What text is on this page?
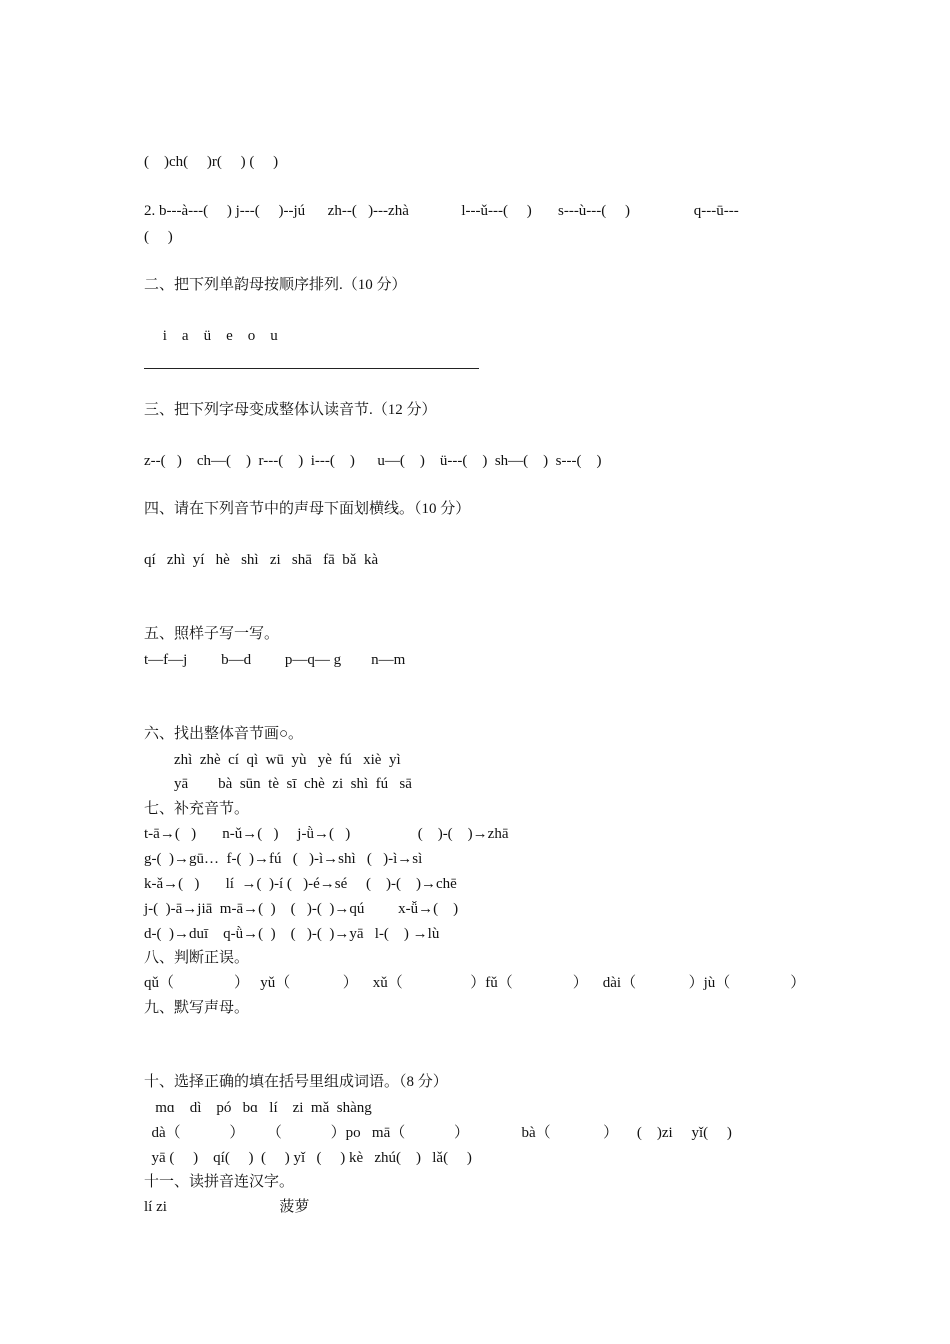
(    )ch(     )r(     ) (     )
2. b---à---(     ) j---(     )--jú      zh--(   )---zhà              l---ǔ---(     )       s---ù---(     )                 q---ū---
(     )
二、把下列单韵母按顺序排列.（10 分）
i    a    ü    e    o    u
三、把下列字母变成整体认读音节.（12 分）
z--(   )    ch—(    )  r---(    )  i---(    )      u—(    )    ü---(    )  sh—(    )  s---(    )
四、请在下列音节中的声母下面划横线。（10 分）
qí   zhì  yí   hè   shì   zi   shā   fā  bǎ  kà
五、照样子写一写。
t—f—j         b—d         p—q— g        n—m
六、找出整体音节画○。
zhì  zhè  cí  qì  wū  yù   yè  fú   xiè  yì
yā        bà  sūn  tè  sī  chè  zi  shì  fú   sā
七、补充音节。
t-ā→(   )       n-ǔ→(   )     j-ǜ→(   )                  (    )-(    )→zhā
g-(  )→gū…  f-(  )→fú   (   )-ì→shì   (   )-ì→sì
k-ǎ→(   )       lí  →(  )-í (   )-é→sé     (    )-(    )→chē
j-(  )-ā→jiā  m-ā→(  )    (   )-(  )→qú         x-ǚ→(    )
d-(  )→duī    q-ǜ→(  )    (   )-(  )→yā   l-(    ) →lù
八、判断正误。
qǔ（                ）   yǔ（              ）    xǔ（                  ）fǔ（                ）    dài（              ）jù（                ）
九、默写声母。
十、选择正确的填在括号里组成词语。（8 分）
mɑ    dì    pó   bɑ   lí    zi  mǎ  shàng
dà（             ）      （             ）po   mā（             ）              bà（              ）     (    )zi     yǐ(     )
yā (     )    qí(     )  (     ) yǐ   (     ) kè   zhú(    )   lǎ(     )
十一、读拼音连汉字。
lí zi                              菠萝
